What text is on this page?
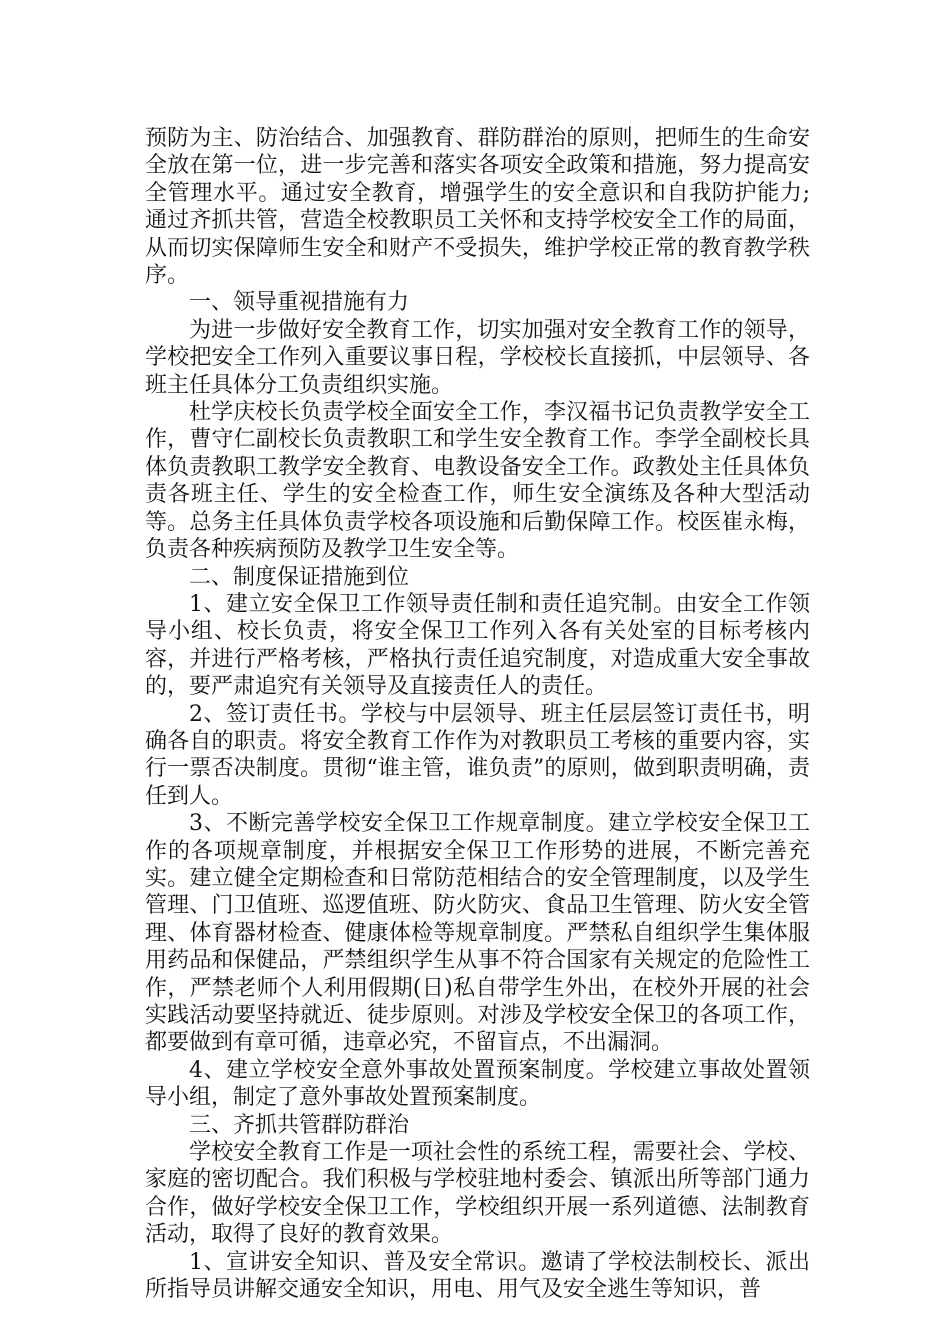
预防为主、防治结合、加强教育、群防群治的原则，把师生的生命安全放在第一位，进一步完善和落实各项安全政策和措施，努力提高安全管理水平。通过安全教育，增强学生的安全意识和自我防护能力;通过齐抓共管，营造全校教职员工关怀和支持学校安全工作的局面，从而切实保障师生安全和财产不受损失，维护学校正常的教育教学秩序。

一、领导重视措施有力

为进一步做好安全教育工作，切实加强对安全教育工作的领导，学校把安全工作列入重要议事日程，学校校长直接抓，中层领导、各班主任具体分工负责组织实施。

杜学庆校长负责学校全面安全工作，李汉福书记负责教学安全工作，曹守仁副校长负责教职工和学生安全教育工作。李学全副校长具体负责教职工教学安全教育、电教设备安全工作。政教处主任具体负责各班主任、学生的安全检查工作，师生安全演练及各种大型活动等。总务主任具体负责学校各项设施和后勤保障工作。校医崔永梅，负责各种疾病预防及教学卫生安全等。

二、制度保证措施到位

1、建立安全保卫工作领导责任制和责任追究制。由安全工作领导小组、校长负责，将安全保卫工作列入各有关处室的目标考核内容，并进行严格考核，严格执行责任追究制度，对造成重大安全事故的，要严肃追究有关领导及直接责任人的责任。

2、签订责任书。学校与中层领导、班主任层层签订责任书，明确各自的职责。将安全教育工作作为对教职员工考核的重要内容，实行一票否决制度。贯彻“谁主管，谁负责”的原则，做到职责明确，责任到人。

3、不断完善学校安全保卫工作规章制度。建立学校安全保卫工作的各项规章制度，并根据安全保卫工作形势的进展，不断完善充实。建立健全定期检查和日常防范相结合的安全管理制度，以及学生管理、门卫值班、巡逻值班、防火防灾、食品卫生管理、防火安全管理、体育器材检查、健康体检等规章制度。严禁私自组织学生集体服用药品和保健品，严禁组织学生从事不符合国家有关规定的危险性工作，严禁老师个人利用假期(日)私自带学生外出，在校外开展的社会实践活动要坚持就近、徒步原则。对涉及学校安全保卫的各项工作，都要做到有章可循，违章必究，不留盲点，不出漏洞。

4、建立学校安全意外事故处置预案制度。学校建立事故处置领导小组，制定了意外事故处置预案制度。

三、齐抓共管群防群治

学校安全教育工作是一项社会性的系统工程，需要社会、学校、家庭的密切配合。我们积极与学校驻地村委会、镇派出所等部门通力合作，做好学校安全保卫工作，学校组织开展一系列道德、法制教育活动，取得了良好的教育效果。

1、宣讲安全知识、普及安全常识。邀请了学校法制校长、派出所指导员讲解交通安全知识，用电、用气及安全逃生等知识，普
